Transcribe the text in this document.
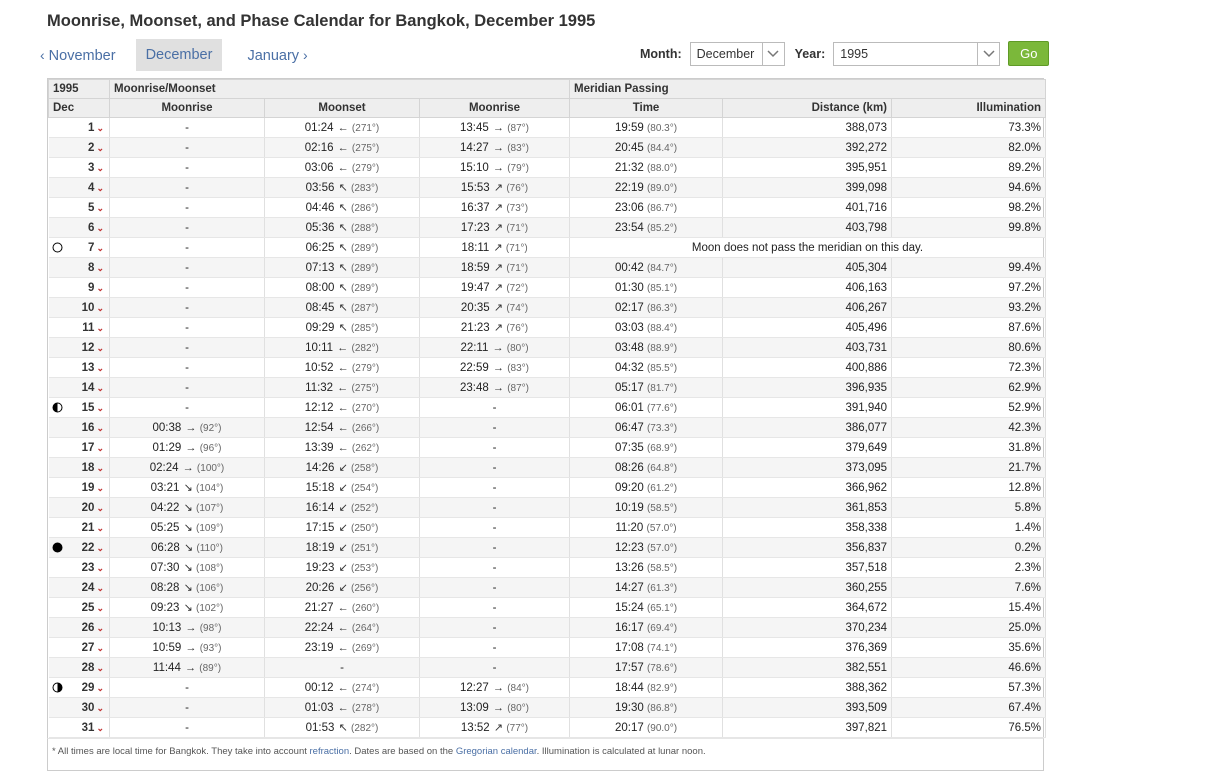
Moonrise, Moonset, and Phase Calendar for Bangkok, December 1995
‹ November	December	January ›	Month:	December	Year:	1995	Go
1995	Moonrise/Moonset			Meridian Passing		
Dec	Moonrise	Moonset	Moonrise	Time	Distance (km)	Illumination
1 ⌄	-	01:24 ← (271°)	13:45 → (87°)	19:59 (80.3°)	388,073	73.3%
2 ⌄	-	02:16 ← (275°)	14:27 → (83°)	20:45 (84.4°)	392,272	82.0%
3 ⌄	-	03:06 ← (279°)	15:10 → (79°)	21:32 (88.0°)	395,951	89.2%
4 ⌄	-	03:56 ↖ (283°)	15:53 ↗ (76°)	22:19 (89.0°)	399,098	94.6%
5 ⌄	-	04:46 ↖ (286°)	16:37 ↗ (73°)	23:06 (86.7°)	401,716	98.2%
6 ⌄	-	05:36 ↖ (288°)	17:23 ↗ (71°)	23:54 (85.2°)	403,798	99.8%

7 ⌄	-	06:25 ↖ (289°)	18:11 ↗ (71°)	Moon does not pass the meridian on this day.		
8 ⌄	-	07:13 ↖ (289°)	18:59 ↗ (71°)	00:42 (84.7°)	405,304	99.4%
9 ⌄	-	08:00 ↖ (289°)	19:47 ↗ (72°)	01:30 (85.1°)	406,163	97.2%
10 ⌄	-	08:45 ↖ (287°)	20:35 ↗ (74°)	02:17 (86.3°)	406,267	93.2%
11 ⌄	-	09:29 ↖ (285°)	21:23 ↗ (76°)	03:03 (88.4°)	405,496	87.6%
12 ⌄	-	10:11 ← (282°)	22:11 → (80°)	03:48 (88.9°)	403,731	80.6%
13 ⌄	-	10:52 ← (279°)	22:59 → (83°)	04:32 (85.5°)	400,886	72.3%
14 ⌄	-	11:32 ← (275°)	23:48 → (87°)	05:17 (81.7°)	396,935	62.9%

15 ⌄	-	12:12 ← (270°)	-	06:01 (77.6°)	391,940	52.9%
16 ⌄	00:38 → (92°)	12:54 ← (266°)	-	06:47 (73.3°)	386,077	42.3%
17 ⌄	01:29 → (96°)	13:39 ← (262°)	-	07:35 (68.9°)	379,649	31.8%
18 ⌄	02:24 → (100°)	14:26 ↙ (258°)	-	08:26 (64.8°)	373,095	21.7%
19 ⌄	03:21 ↘ (104°)	15:18 ↙ (254°)	-	09:20 (61.2°)	366,962	12.8%
20 ⌄	04:22 ↘ (107°)	16:14 ↙ (252°)	-	10:19 (58.5°)	361,853	5.8%
21 ⌄	05:25 ↘ (109°)	17:15 ↙ (250°)	-	11:20 (57.0°)	358,338	1.4%

22 ⌄	06:28 ↘ (110°)	18:19 ↙ (251°)	-	12:23 (57.0°)	356,837	0.2%
23 ⌄	07:30 ↘ (108°)	19:23 ↙ (253°)	-	13:26 (58.5°)	357,518	2.3%
24 ⌄	08:28 ↘ (106°)	20:26 ↙ (256°)	-	14:27 (61.3°)	360,255	7.6%
25 ⌄	09:23 ↘ (102°)	21:27 ← (260°)	-	15:24 (65.1°)	364,672	15.4%
26 ⌄	10:13 → (98°)	22:24 ← (264°)	-	16:17 (69.4°)	370,234	25.0%
27 ⌄	10:59 → (93°)	23:19 ← (269°)	-	17:08 (74.1°)	376,369	35.6%
28 ⌄	11:44 → (89°)	-	-	17:57 (78.6°)	382,551	46.6%

29 ⌄	-	00:12 ← (274°)	12:27 → (84°)	18:44 (82.9°)	388,362	57.3%
30 ⌄	-	01:03 ← (278°)	13:09 → (80°)	19:30 (86.8°)	393,509	67.4%
31 ⌄	-	01:53 ↖ (282°)	13:52 ↗ (77°)	20:17 (90.0°)	397,821	76.5%
* All times are local time for Bangkok. They take into account refraction. Dates are based on the Gregorian calendar. Illumination is calculated at lunar noon.
